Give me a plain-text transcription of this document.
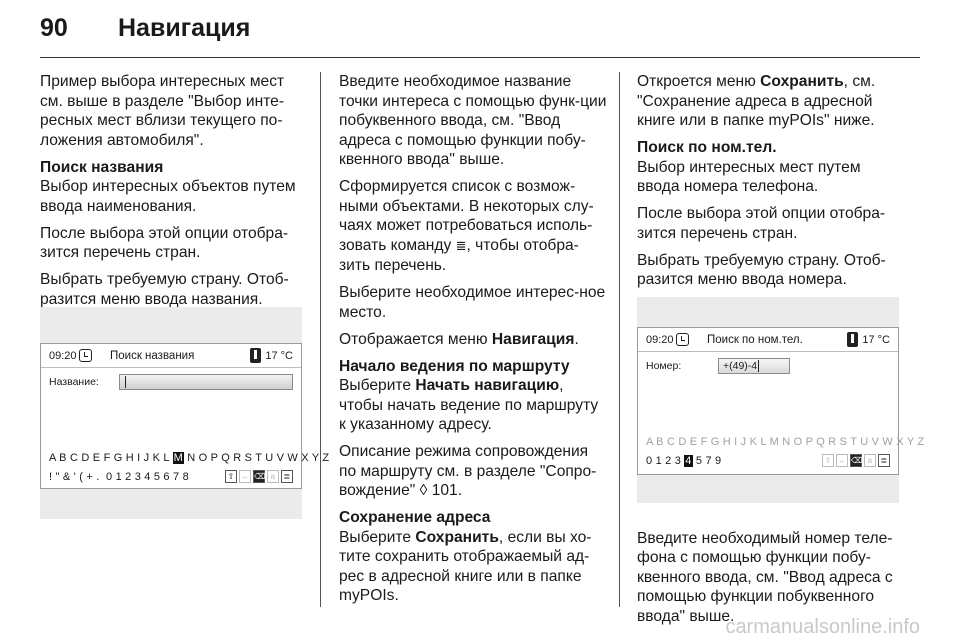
90	Навигация

Пример выбора интересных мест см. выше в разделе "Выбор инте-ресных мест вблизи текущего по-ложения автомобиля".

Поиск названия

Выбор интересных объектов путем ввода наименования.

После выбора этой опции отобра-зится перечень стран.

Выбрать требуемую страну. Отоб-разится меню ввода названия.

09:20	Поиск названия	17 °C
Название:
A B C D E F G H I J K L M N O P Q R S T U V W X Y Z
! " & ' ( + .  0 1 2 3 4 5 6 7 8	⇧ ↔ ⌫ a	≣

Введите необходимое название точки интереса с помощью функ-ции побуквенного ввода, см. "Ввод адреса с помощью функции побу-квенного ввода" выше.

Сформируется список с возмож-ными объектами. В некоторых слу-чаях может потребоваться исполь-зовать команду ≣, чтобы отобра-зить перечень.

Выберите необходимое интерес-ное место.

Отображается меню Навигация.

Начало ведения по маршруту

Выберите Начать навигацию, чтобы начать ведение по маршруту к указанному адресу.

Описание режима сопровождения по маршруту см. в разделе "Сопро-вождение" ◊ 101.

Сохранение адреса

Выберите Сохранить, если вы хо-тите сохранить отображаемый ад-рес в адресной книге или в папке myPOIs.

Откроется меню Сохранить, см. "Сохранение адреса в адресной книге или в папке myPOIs" ниже.

Поиск по ном.тел.

Выбор интересных мест путем ввода номера телефона.

После выбора этой опции отобра-зится перечень стран.

Выбрать требуемую страну. Отоб-разится меню ввода номера.

Введите необходимый номер теле-фона с помощью функции побу-квенного ввода, см. "Ввод адреса с помощью функции побуквенного ввода" выше.

09:20	Поиск по ном.тел.	17 °C
Номер:	+(49)-4
A B C D E F G H I J K L M N O P Q R S T U V W X Y Z
0 1 2 3 4 5 7 9	⇧ ↔ ⌫ a	≣
carmanualsonline.info
